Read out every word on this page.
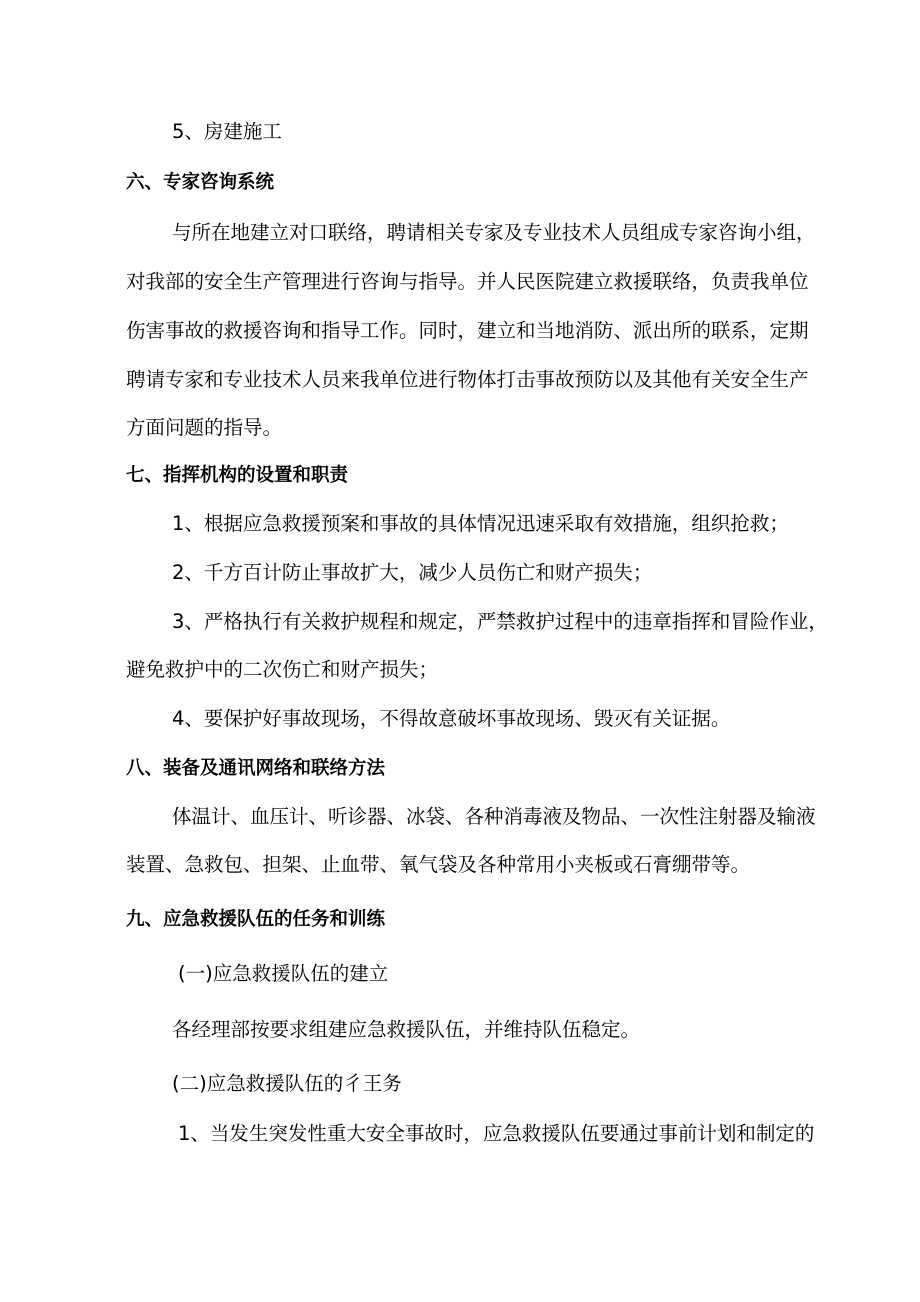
5、房建施工

六、专家咨询系统

与所在地建立对口联络，聘请相关专家及专业技术人员组成专家咨询小组，

对我部的安全生产管理进行咨询与指导。并人民医院建立救援联络，负责我单位

伤害事故的救援咨询和指导工作。同时，建立和当地消防、派出所的联系，定期

聘请专家和专业技术人员来我单位进行物体打击事故预防以及其他有关安全生产

方面问题的指导。

七、指挥机构的设置和职责

1、根据应急救援预案和事故的具体情况迅速采取有效措施，组织抢救；

2、千方百计防止事故扩大，减少人员伤亡和财产损失；

3、严格执行有关救护规程和规定，严禁救护过程中的违章指挥和冒险作业，

避免救护中的二次伤亡和财产损失；

4、要保护好事故现场，不得故意破坏事故现场、毁灭有关证据。

八、装备及通讯网络和联络方法

体温计、血压计、听诊器、冰袋、各种消毒液及物品、一次性注射器及输液

装置、急救包、担架、止血带、氧气袋及各种常用小夹板或石膏绷带等。

九、应急救援队伍的任务和训练

(一)应急救援队伍的建立

各经理部按要求组建应急救援队伍，并维持队伍稳定。

(二)应急救援队伍的彳王务

1、当发生突发性重大安全事故时，应急救援队伍要通过事前计划和制定的
